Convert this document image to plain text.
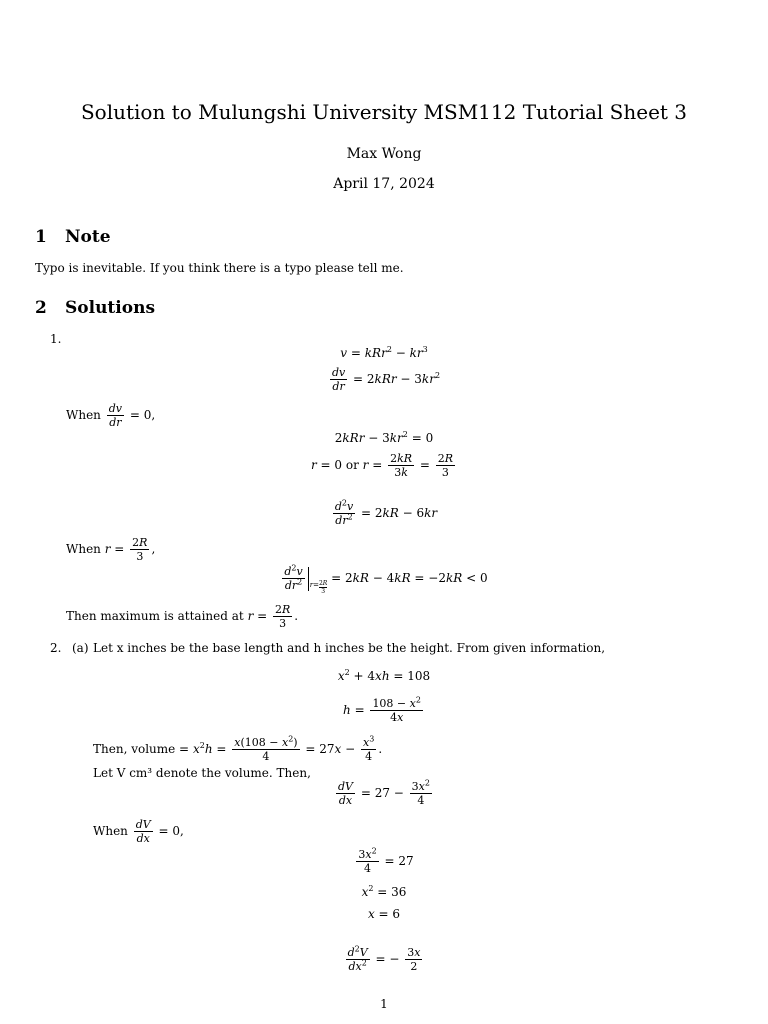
Solution to Mulungshi University MSM112 Tutorial Sheet 3
Max Wong
April 17, 2024
1 Note
Typo is inevitable. If you think there is a typo please tell me.
2 Solutions
1.
$v = kRr^2 - kr^3$
$\frac{dv}{dr} = 2kRr - 3kr^2$
When $\frac{dv}{dr} = 0$,
$2kRr - 3kr^2 = 0$
r = 0 or $r = \frac{2kR}{3k} = \frac{2R}{3}$
$\frac{d^2v}{dr^2} = 2kR - 6kr$
When $r = \frac{2R}{3}$ ,
$\frac{d^2v}{dr^2} _{r= \frac{2R}{3}}$
= 2kR − 4kR = −2kR < 0
Then maximum is attained at $r = \frac{2R}{3}$ .
2. (a) Let x inches be the base length and h inches be the height. From given information,
$x^2 + 4xh = 108$
$h = \frac{108 - x^2}{4x}$
Then, volume = $x^2h = \frac{x(108 - x^2)}{4} = 27x - \frac{x^3}{4}$ .
Let V cm³ denote the volume. Then,
$\frac{dV}{dx} = 27 - \frac{3x^2}{4}$
When $\frac{dV}{dx} = 0$,
$\frac{3x^2}{4} = 27$
$x^2 = 36$
x = 6
$\frac{d^2V}{dx^2}$ = − $\frac{3x}{2}$
1
